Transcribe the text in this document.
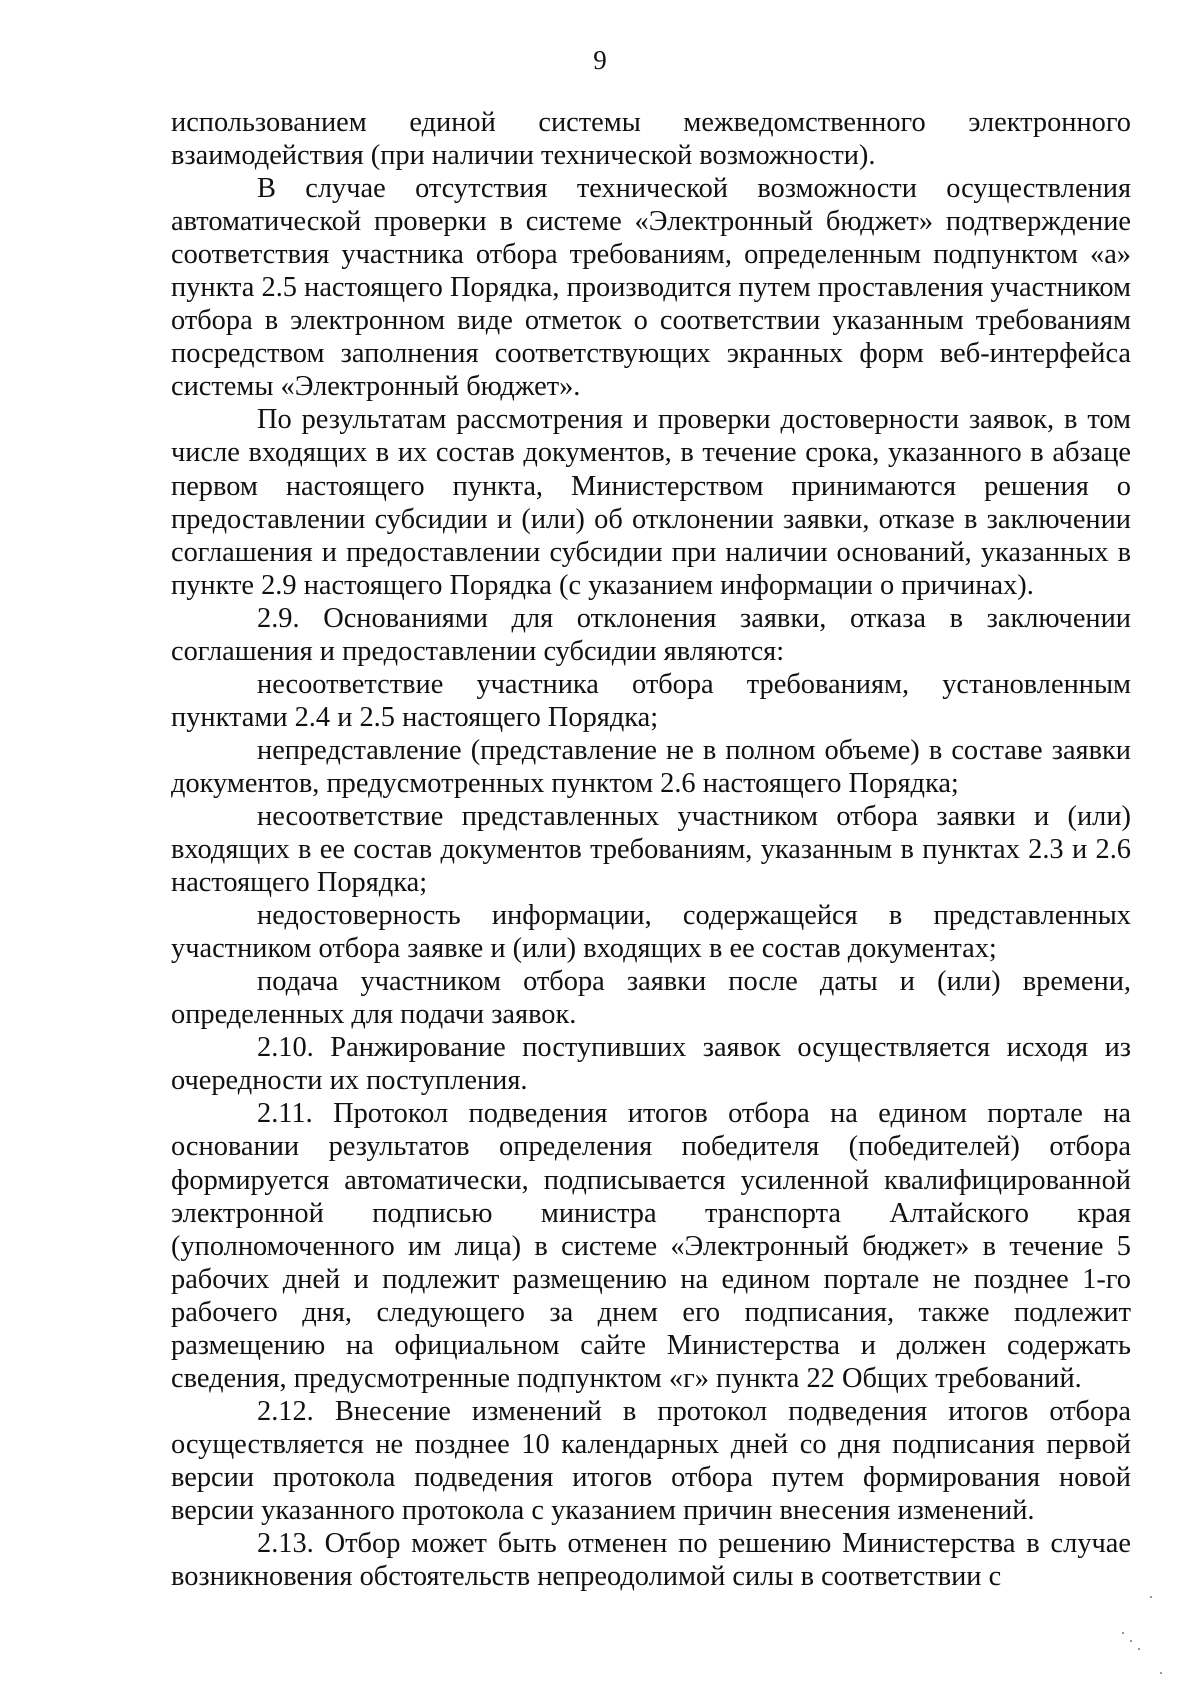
9

использованием единой системы межведомственного электронного взаимодействия (при наличии технической возможности).

В случае отсутствия технической возможности осуществления автоматической проверки в системе «Электронный бюджет» подтверждение соответствия участника отбора требованиям, определенным подпунктом «а» пункта 2.5 настоящего Порядка, производится путем проставления участником отбора в электронном виде отметок о соответствии указанным требованиям посредством заполнения соответствующих экранных форм веб-интерфейса системы «Электронный бюджет».

По результатам рассмотрения и проверки достоверности заявок, в том числе входящих в их состав документов, в течение срока, указанного в абзаце первом настоящего пункта, Министерством принимаются решения о предоставлении субсидии и (или) об отклонении заявки, отказе в заключении соглашения и предоставлении субсидии при наличии оснований, указанных в пункте 2.9 настоящего Порядка (с указанием информации о причинах).

2.9. Основаниями для отклонения заявки, отказа в заключении соглашения и предоставлении субсидии являются:

несоответствие участника отбора требованиям, установленным пунктами 2.4 и 2.5 настоящего Порядка;

непредставление (представление не в полном объеме) в составе заявки документов, предусмотренных пунктом 2.6 настоящего Порядка;

несоответствие представленных участником отбора заявки и (или) входящих в ее состав документов требованиям, указанным в пунктах 2.3 и 2.6 настоящего Порядка;

недостоверность информации, содержащейся в представленных участником отбора заявке и (или) входящих в ее состав документах;

подача участником отбора заявки после даты и (или) времени, определенных для подачи заявок.

2.10. Ранжирование поступивших заявок осуществляется исходя из очередности их поступления.

2.11. Протокол подведения итогов отбора на едином портале на основании результатов определения победителя (победителей) отбора формируется автоматически, подписывается усиленной квалифицированной электронной подписью министра транспорта Алтайского края (уполномоченного им лица) в системе «Электронный бюджет» в течение 5 рабочих дней и подлежит размещению на едином портале не позднее 1-го рабочего дня, следующего за днем его подписания, также подлежит размещению на официальном сайте Министерства и должен содержать сведения, предусмотренные подпунктом «г» пункта 22 Общих требований.

2.12. Внесение изменений в протокол подведения итогов отбора осуществляется не позднее 10 календарных дней со дня подписания первой версии протокола подведения итогов отбора путем формирования новой версии указанного протокола с указанием причин внесения изменений.

2.13. Отбор может быть отменен по решению Министерства в случае возникновения обстоятельств непреодолимой силы в соответствии с
